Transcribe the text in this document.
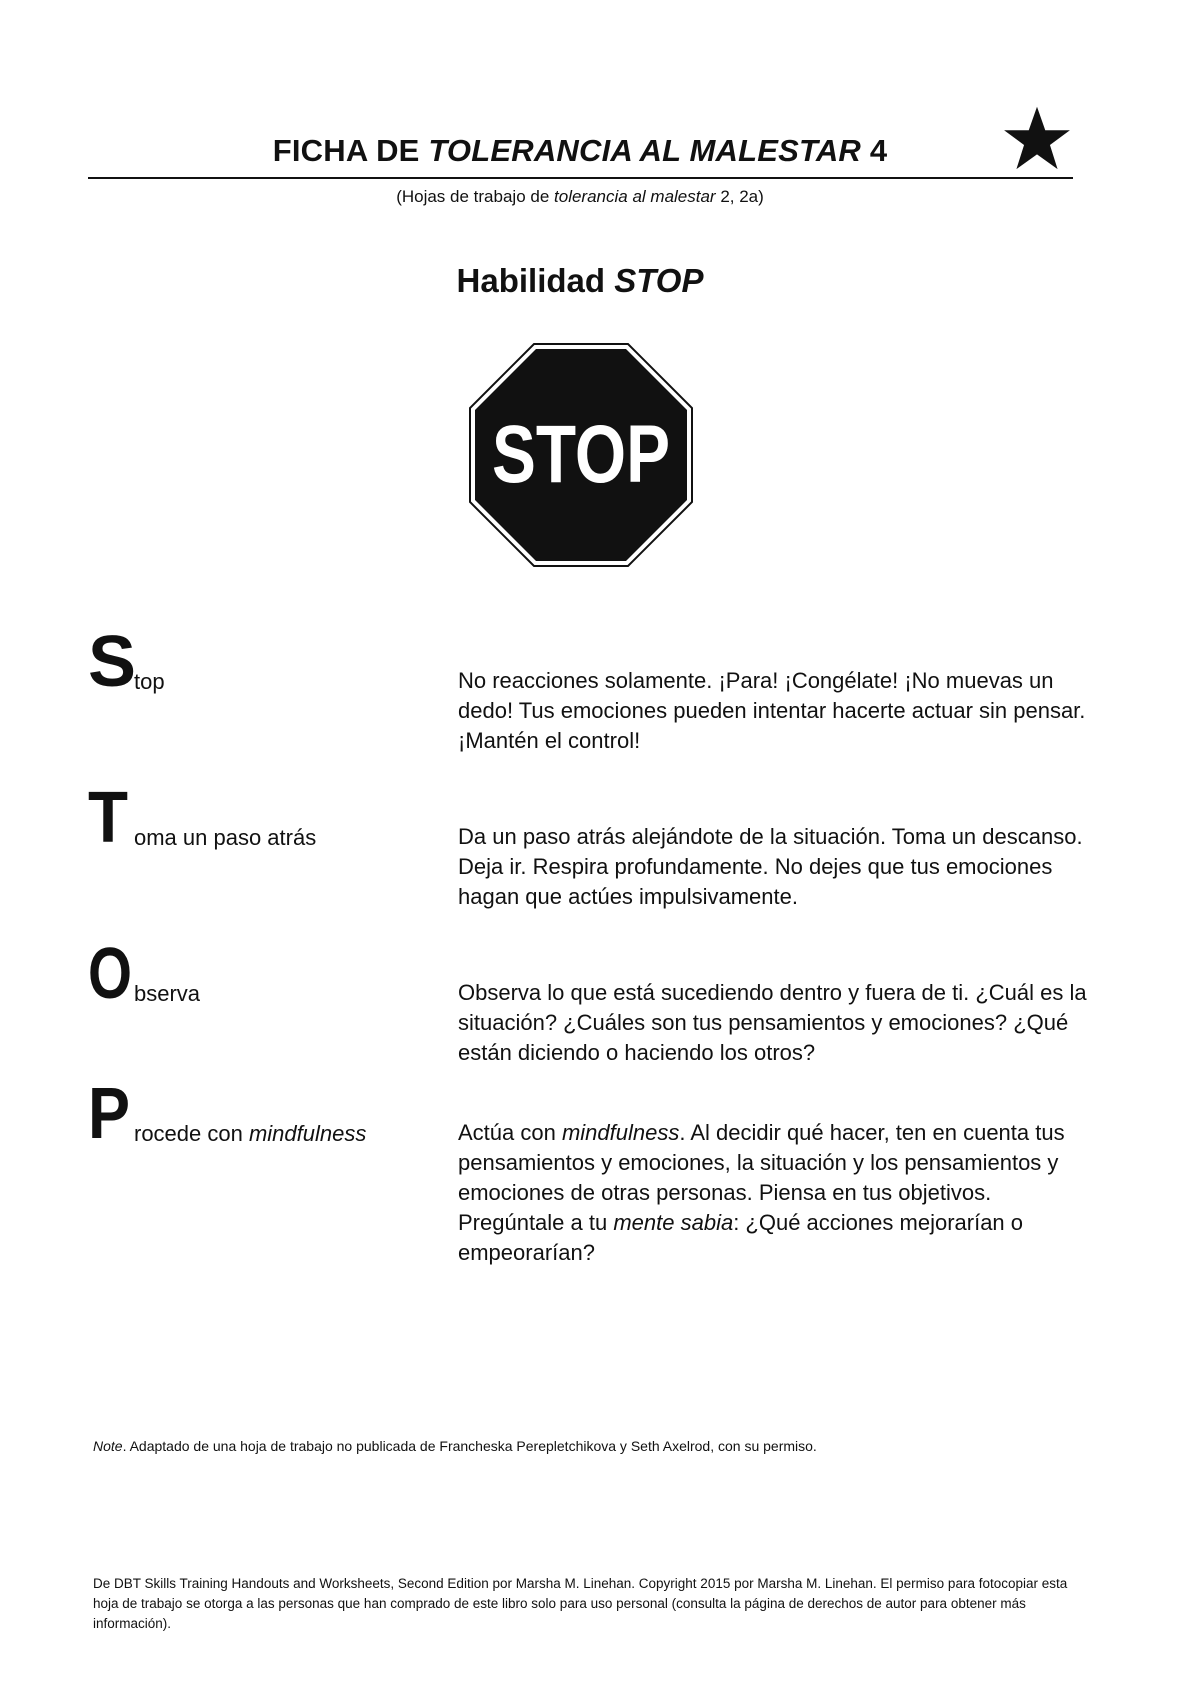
FICHA DE TOLERANCIA AL MALESTAR 4
(Hojas de trabajo de tolerancia al malestar 2, 2a)
Habilidad STOP
STOP
S
top	No reacciones solamente. ¡Para! ¡Congélate! ¡No muevas un dedo! Tus emociones pueden intentar hacerte actuar sin pensar. ¡Mantén el control!
T oma un paso atrás	Da un paso atrás alejándote de la situación. Toma un descanso. Deja ir. Respira profundamente. No dejes que tus emociones hagan que actúes impulsivamente.
O bserva	Observa lo que está sucediendo dentro y fuera de ti. ¿Cuál es la situación? ¿Cuáles son tus pensamientos y emociones? ¿Qué están diciendo o haciendo los otros?
P rocede con mindfulness	Actúa con mindfulness. Al decidir qué hacer, ten en cuenta tus pensamientos y emociones, la situación y los pensamientos y emociones de otras personas. Piensa en tus objetivos. Pregúntale a tu mente sabia: ¿Qué acciones mejorarían o empeorarían?
Note. Adaptado de una hoja de trabajo no publicada de Francheska Perepletchikova y Seth Axelrod, con su permiso.
De DBT Skills Training Handouts and Worksheets, Second Edition por Marsha M. Linehan. Copyright 2015 por Marsha M. Linehan. El permiso para fotocopiar esta hoja de trabajo se otorga a las personas que han comprado de este libro solo para uso personal (consulta la página de derechos de autor para obtener más información).
